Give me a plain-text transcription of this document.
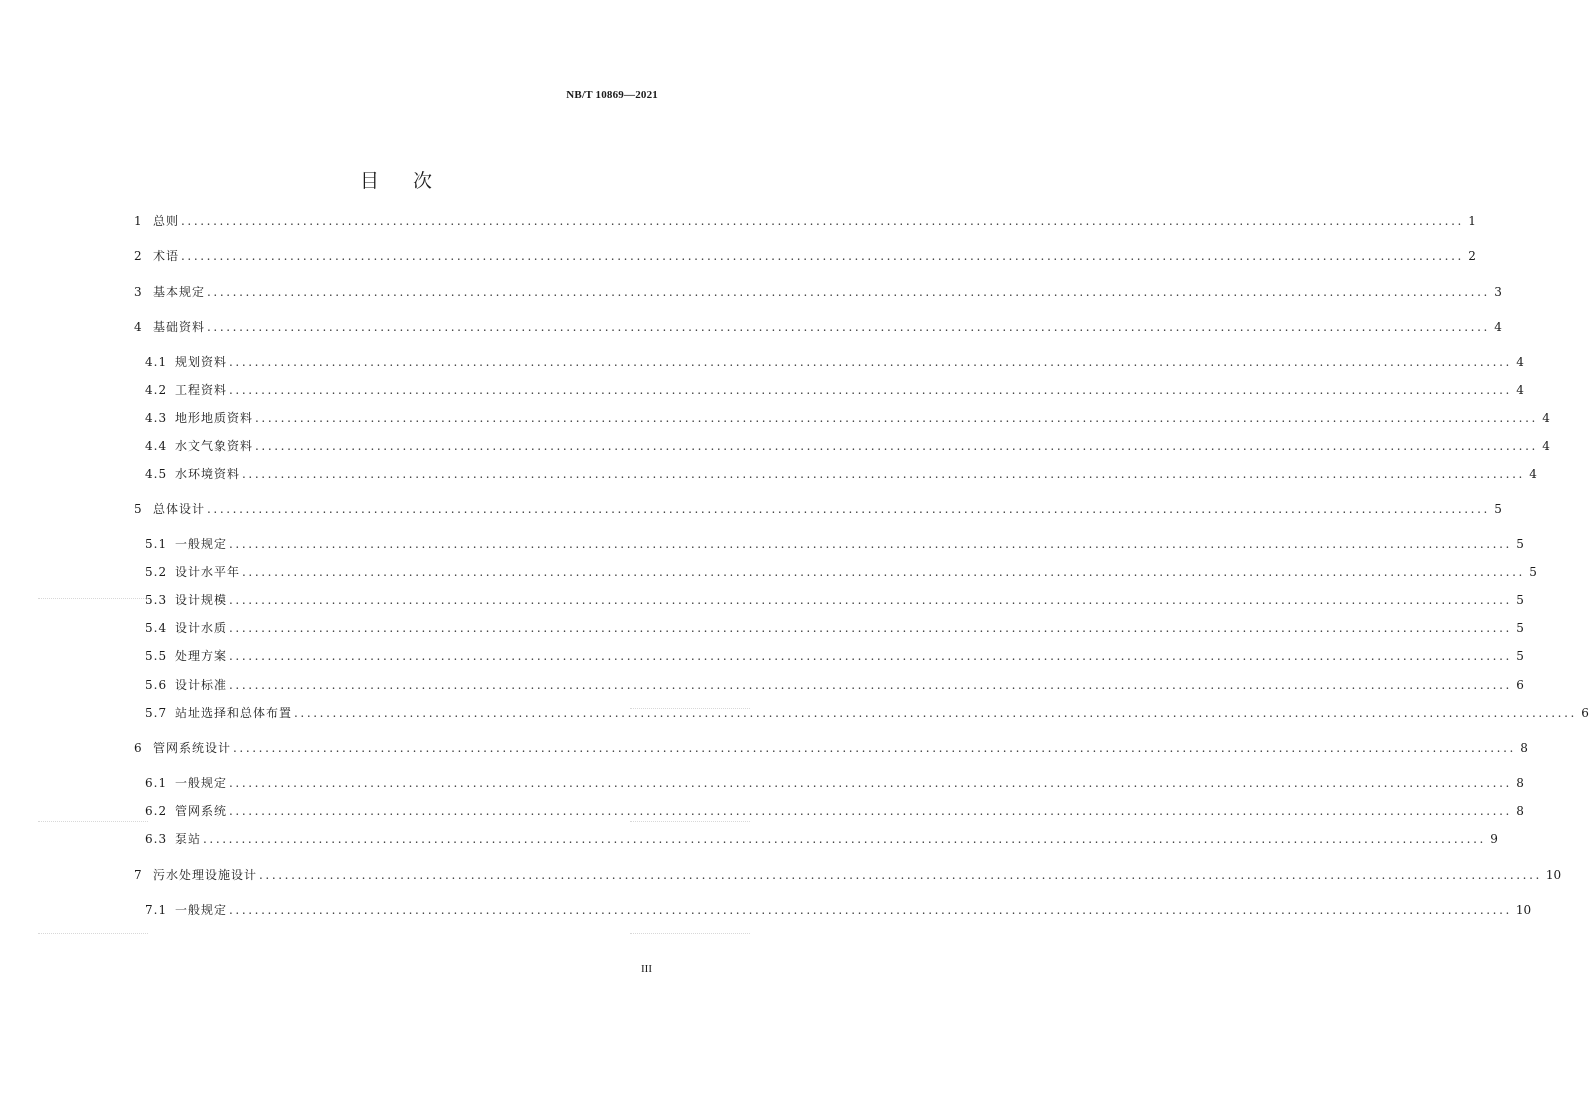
NB/T 10869—2021
目 次
1 总则 ........................................................................................................................................................................................................ 1
2 术语 ........................................................................................................................................................................................................ 2
3 基本规定 ........................................................................................................................................................................................................ 3
4 基础资料 ........................................................................................................................................................................................................ 4
4.1 规划资料 ........................................................................................................................................................................................................ 4
4.2 工程资料 ........................................................................................................................................................................................................ 4
4.3 地形地质资料 ........................................................................................................................................................................................................ 4
4.4 水文气象资料 ........................................................................................................................................................................................................ 4
4.5 水环境资料 ........................................................................................................................................................................................................ 4
5 总体设计 ........................................................................................................................................................................................................ 5
5.1 一般规定 ........................................................................................................................................................................................................ 5
5.2 设计水平年 ........................................................................................................................................................................................................ 5
5.3 设计规模 ........................................................................................................................................................................................................ 5
5.4 设计水质 ........................................................................................................................................................................................................ 5
5.5 处理方案 ........................................................................................................................................................................................................ 5
5.6 设计标准 ........................................................................................................................................................................................................ 6
5.7 站址选择和总体布置 ........................................................................................................................................................................................................ 6
6 管网系统设计 ........................................................................................................................................................................................................ 8
6.1 一般规定 ........................................................................................................................................................................................................ 8
6.2 管网系统 ........................................................................................................................................................................................................ 8
6.3 泵站 ........................................................................................................................................................................................................ 9
7 污水处理设施设计 ........................................................................................................................................................................................................ 10
7.1 一般规定 ........................................................................................................................................................................................................ 10
III
